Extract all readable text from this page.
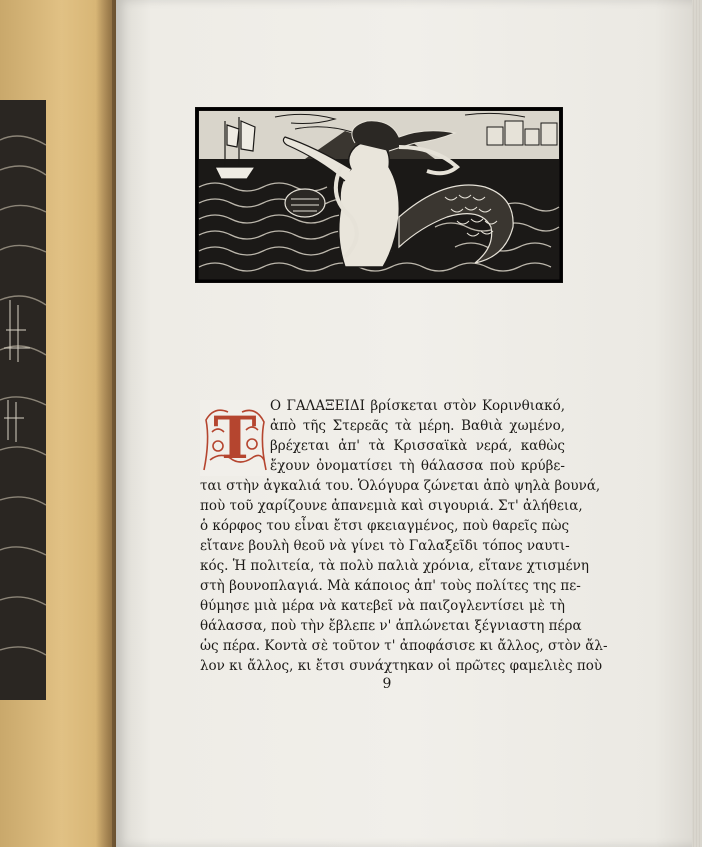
T Ο ΓΑΛΑΞΕΙΔΙ βρίσκεται στὸν Κορινθιακό,
ἀπὸ τῆς Στερεᾶς τὰ μέρη. Βαθιὰ χωμένο,
βρέχεται ἀπ' τὰ Κρισσαϊκὰ νερά, καθὼς
ἔχουν ὀνοματίσει τὴ θάλασσα ποὺ κρύβε-
ται στὴν ἀγκαλιά του. Ὁλόγυρα ζώνεται ἀπὸ ψηλὰ βουνά,
ποὺ τοῦ χαρίζουνε ἀπανεμιὰ καὶ σιγουριά. Στ' ἀλήθεια,
ὁ κόρφος του εἶναι ἔτσι φκειαγμένος, ποὺ θαρεῖς πὼς
εἴτανε βουλὴ θεοῦ νὰ γίνει τὸ Γαλαξεῖδι τόπος ναυτι-
κός. Ἡ πολιτεία, τὰ πολὺ παλιὰ χρόνια, εἴτανε χτισμένη
στὴ βουνοπλαγιά. Μὰ κάποιος ἀπ' τοὺς πολίτες της πε-
θύμησε μιὰ μέρα νὰ κατεβεῖ νὰ παιζογλεντίσει μὲ τὴ
θάλασσα, ποὺ τὴν ἔβλεπε ν' ἁπλώνεται ξέγνιαστη πέρα
ὡς πέρα. Κοντὰ σὲ τοῦτον τ' ἀποφάσισε κι ἄλλος, στὸν ἄλ-
λον κι ἄλλος, κι ἔτσι συνάχτηκαν οἱ πρῶτες φαμελιὲς ποὺ
9
